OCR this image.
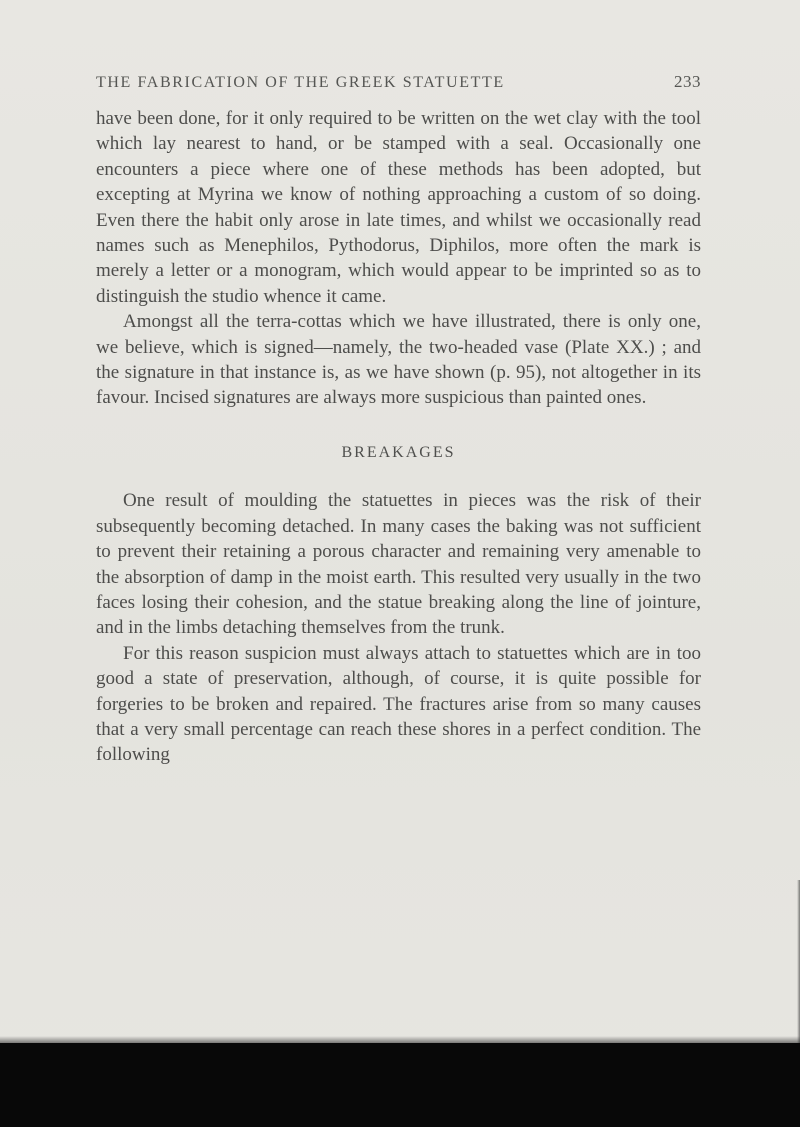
THE FABRICATION OF THE GREEK STATUETTE	233

have been done, for it only required to be written on the wet clay with the tool which lay nearest to hand, or be stamped with a seal. Occasionally one encounters a piece where one of these methods has been adopted, but excepting at Myrina we know of nothing approaching a custom of so doing. Even there the habit only arose in late times, and whilst we occasionally read names such as Menephilos, Pythodorus, Diphilos, more often the mark is merely a letter or a monogram, which would appear to be imprinted so as to distinguish the studio whence it came.

Amongst all the terra-cottas which we have illustrated, there is only one, we believe, which is signed—namely, the two-headed vase (Plate XX.) ; and the signature in that instance is, as we have shown (p. 95), not altogether in its favour. Incised signatures are always more suspicious than painted ones.

BREAKAGES

One result of moulding the statuettes in pieces was the risk of their subsequently becoming detached. In many cases the baking was not sufficient to prevent their retaining a porous character and remaining very amenable to the absorption of damp in the moist earth. This resulted very usually in the two faces losing their cohesion, and the statue breaking along the line of jointure, and in the limbs detaching themselves from the trunk.

For this reason suspicion must always attach to statuettes which are in too good a state of preservation, although, of course, it is quite possible for forgeries to be broken and repaired. The fractures arise from so many causes that a very small percentage can reach these shores in a perfect condition. The following
